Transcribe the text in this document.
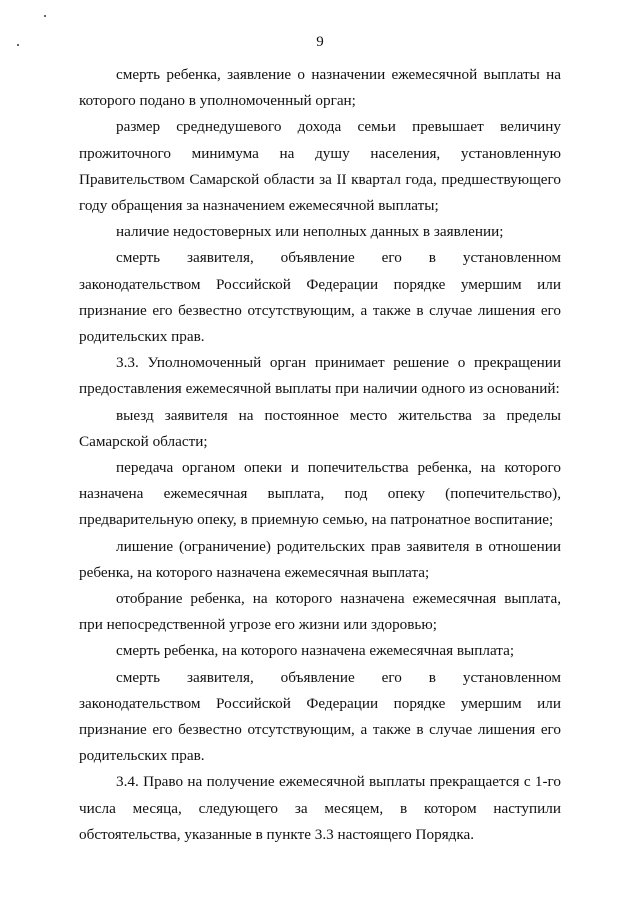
9

смерть ребенка, заявление о назначении ежемесячной выплаты на которого подано в уполномоченный орган;

размер среднедушевого дохода семьи превышает величину прожиточного минимума на душу населения, установленную Правительством Самарской области за II квартал года, предшествующего году обращения за назначением ежемесячной выплаты;

наличие недостоверных или неполных данных в заявлении;

смерть заявителя, объявление его в установленном законодательством Российской Федерации порядке умершим или признание его безвестно отсутствующим, а также в случае лишения его родительских прав.

3.3. Уполномоченный орган принимает решение о прекращении предоставления ежемесячной выплаты при наличии одного из оснований:

выезд заявителя на постоянное место жительства за пределы Самарской области;

передача органом опеки и попечительства ребенка, на которого назначена ежемесячная выплата, под опеку (попечительство), предварительную опеку, в приемную семью, на патронатное воспитание;

лишение (ограничение) родительских прав заявителя в отношении ребенка, на которого назначена ежемесячная выплата;

отобрание ребенка, на которого назначена ежемесячная выплата, при непосредственной угрозе его жизни или здоровью;

смерть ребенка, на которого назначена ежемесячная выплата;

смерть заявителя, объявление его в установленном законодательством Российской Федерации порядке умершим или признание его безвестно отсутствующим, а также в случае лишения его родительских прав.

3.4. Право на получение ежемесячной выплаты прекращается с 1-го числа месяца, следующего за месяцем, в котором наступили обстоятельства, указанные в пункте 3.3 настоящего Порядка.
